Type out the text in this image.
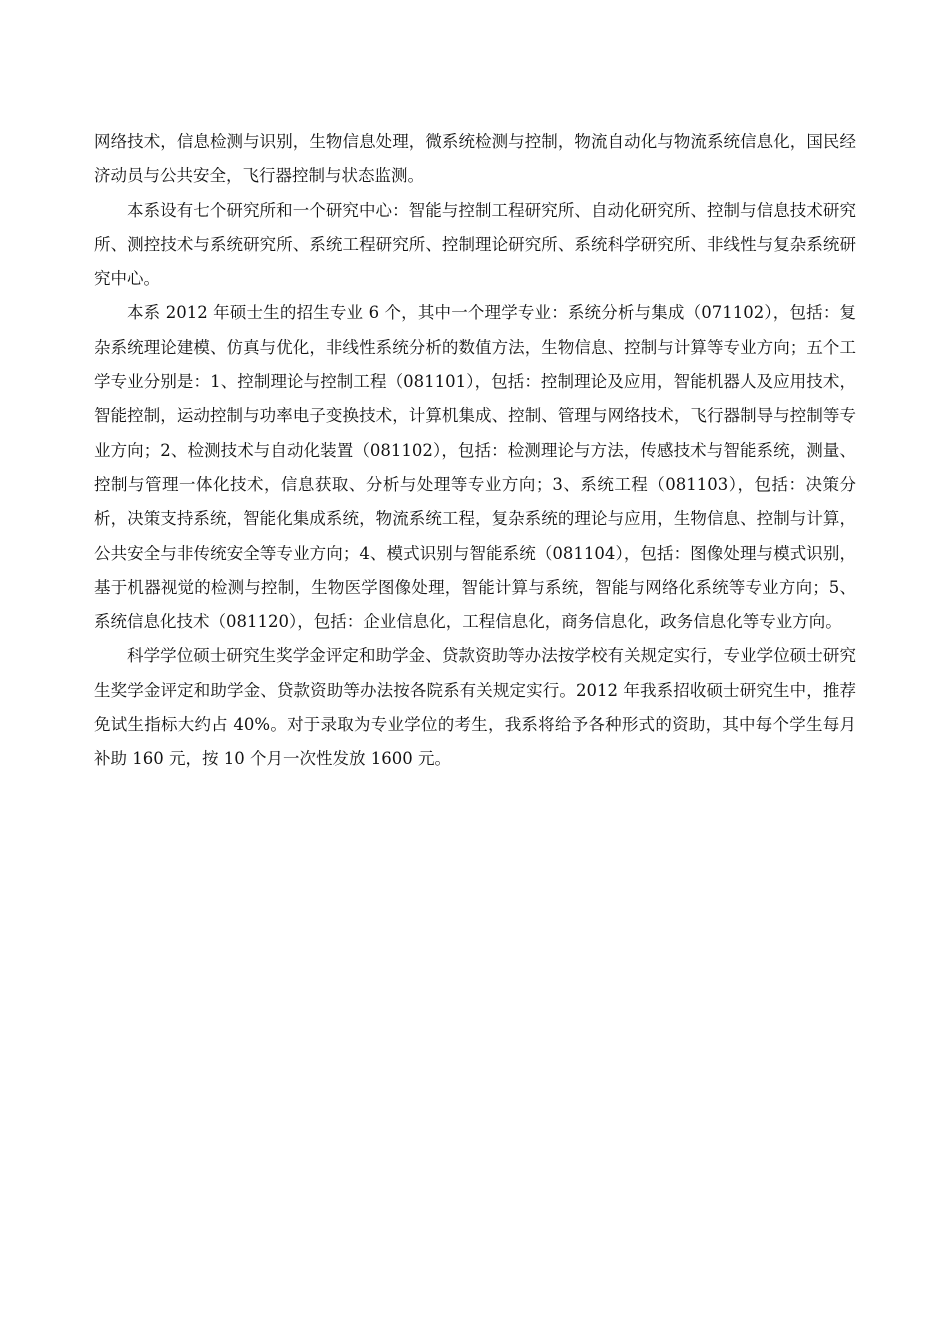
网络技术，信息检测与识别，生物信息处理，微系统检测与控制，物流自动化与物流系统信息化，国民经济动员与公共安全，飞行器控制与状态监测。

本系设有七个研究所和一个研究中心：智能与控制工程研究所、自动化研究所、控制与信息技术研究所、测控技术与系统研究所、系统工程研究所、控制理论研究所、系统科学研究所、非线性与复杂系统研究中心。

本系 2012 年硕士生的招生专业 6 个，其中一个理学专业：系统分析与集成（071102），包括：复杂系统理论建模、仿真与优化，非线性系统分析的数值方法，生物信息、控制与计算等专业方向；五个工学专业分别是：1、控制理论与控制工程（081101），包括：控制理论及应用，智能机器人及应用技术，智能控制，运动控制与功率电子变换技术，计算机集成、控制、管理与网络技术，飞行器制导与控制等专业方向；2、检测技术与自动化装置（081102），包括：检测理论与方法，传感技术与智能系统，测量、控制与管理一体化技术，信息获取、分析与处理等专业方向；3、系统工程（081103），包括：决策分析，决策支持系统，智能化集成系统，物流系统工程，复杂系统的理论与应用，生物信息、控制与计算，公共安全与非传统安全等专业方向；4、模式识别与智能系统（081104），包括：图像处理与模式识别，基于机器视觉的检测与控制，生物医学图像处理，智能计算与系统，智能与网络化系统等专业方向；5、系统信息化技术（081120），包括：企业信息化，工程信息化，商务信息化，政务信息化等专业方向。

科学学位硕士研究生奖学金评定和助学金、贷款资助等办法按学校有关规定实行，专业学位硕士研究生奖学金评定和助学金、贷款资助等办法按各院系有关规定实行。2012 年我系招收硕士研究生中，推荐免试生指标大约占 40%。对于录取为专业学位的考生，我系将给予各种形式的资助，其中每个学生每月补助 160 元，按 10 个月一次性发放 1600 元。
